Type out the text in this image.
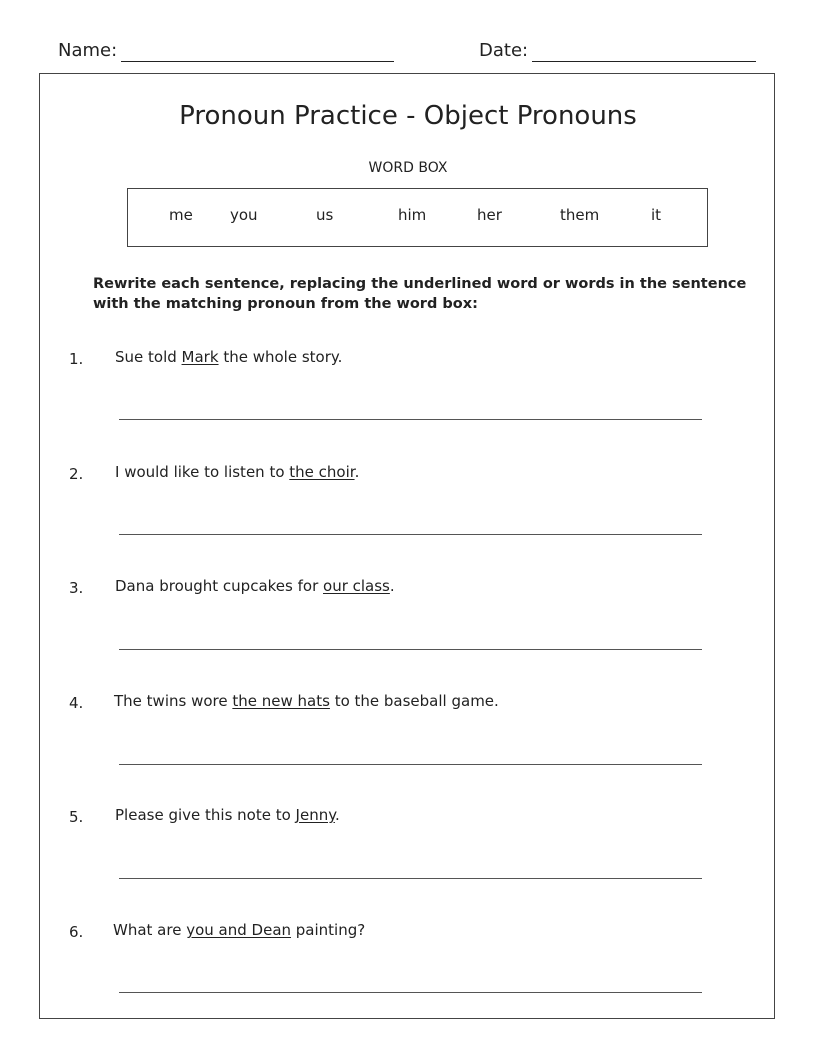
Name:	Date:
Pronoun Practice - Object Pronouns
WORD BOX
me you	us	him	her	them	it

Rewrite each sentence, replacing the underlined word or words in the sentence with the matching pronoun from the word box:

1. Sue told Mark the whole story.
2. I would like to listen to the choir.
3. Dana brought cupcakes for our class.
4. The twins wore the new hats to the baseball game.
5. Please give this note to Jenny.
6. What are you and Dean painting?
